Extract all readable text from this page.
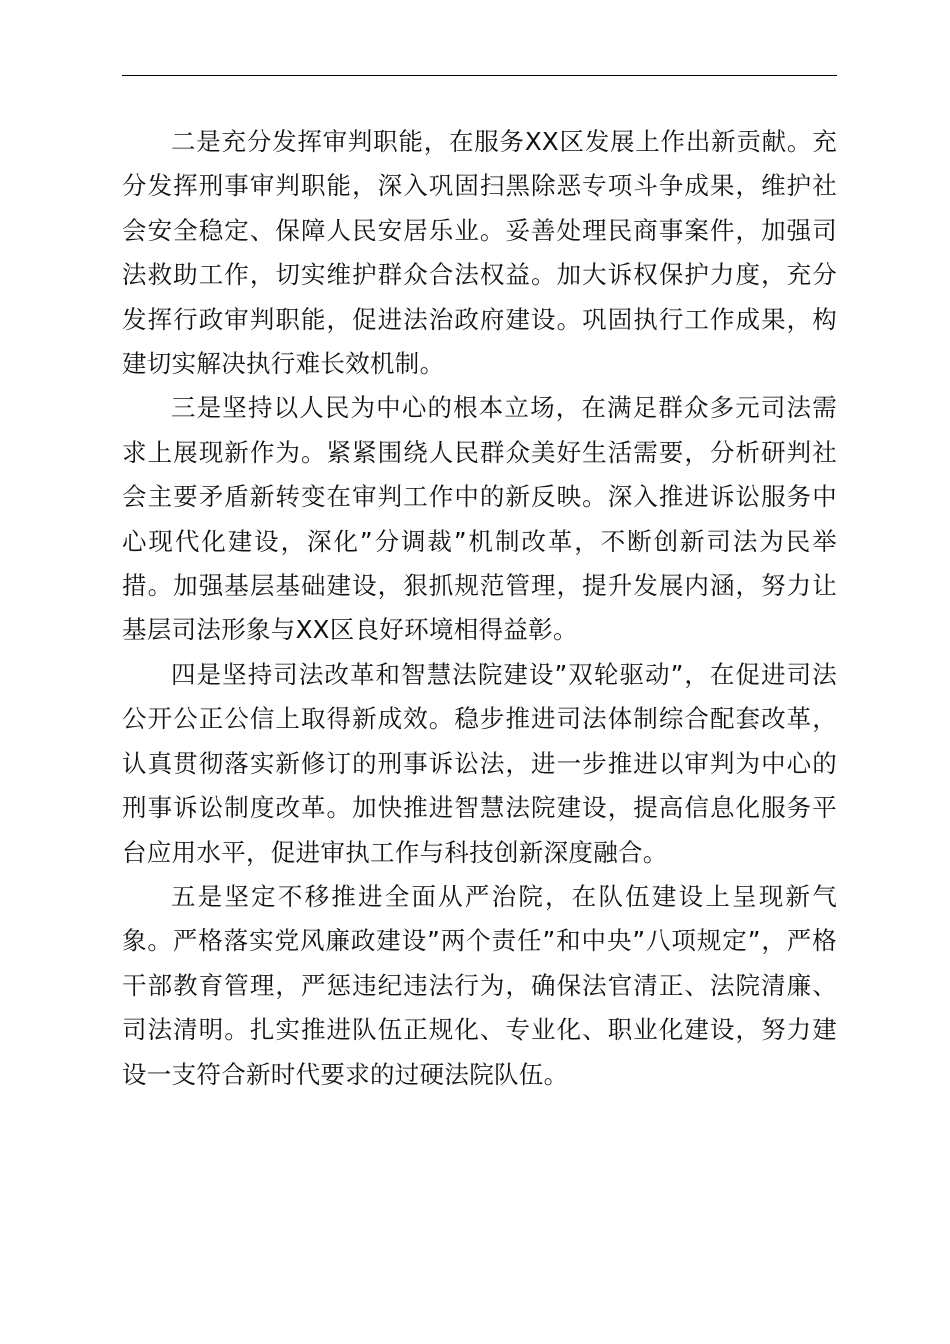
二是充分发挥审判职能，在服务XX区发展上作出新贡献。充分发挥刑事审判职能，深入巩固扫黑除恶专项斗争成果，维护社会安全稳定、保障人民安居乐业。妥善处理民商事案件，加强司法救助工作，切实维护群众合法权益。加大诉权保护力度，充分发挥行政审判职能，促进法治政府建设。巩固执行工作成果，构建切实解决执行难长效机制。

三是坚持以人民为中心的根本立场，在满足群众多元司法需求上展现新作为。紧紧围绕人民群众美好生活需要，分析研判社会主要矛盾新转变在审判工作中的新反映。深入推进诉讼服务中心现代化建设，深化”分调裁”机制改革，不断创新司法为民举措。加强基层基础建设，狠抓规范管理，提升发展内涵，努力让基层司法形象与XX区良好环境相得益彰。

四是坚持司法改革和智慧法院建设”双轮驱动”，在促进司法公开公正公信上取得新成效。稳步推进司法体制综合配套改革，认真贯彻落实新修订的刑事诉讼法，进一步推进以审判为中心的刑事诉讼制度改革。加快推进智慧法院建设，提高信息化服务平台应用水平，促进审执工作与科技创新深度融合。

五是坚定不移推进全面从严治院，在队伍建设上呈现新气象。严格落实党风廉政建设”两个责任”和中央”八项规定”，严格干部教育管理，严惩违纪违法行为，确保法官清正、法院清廉、司法清明。扎实推进队伍正规化、专业化、职业化建设，努力建设一支符合新时代要求的过硬法院队伍。
